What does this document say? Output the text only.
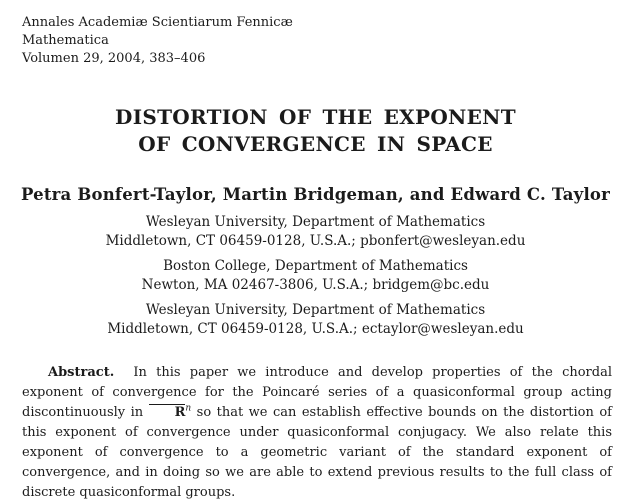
Annales Academiæ Scientiarum Fennicæ
Mathematica
Volumen 29, 2004, 383–406
DISTORTION OF THE EXPONENT
OF CONVERGENCE IN SPACE
Petra Bonfert-Taylor, Martin Bridgeman, and Edward C. Taylor
Wesleyan University, Department of Mathematics
Middletown, CT 06459-0128, U.S.A.; pbonfert@wesleyan.edu
Boston College, Department of Mathematics
Newton, MA 02467-3806, U.S.A.; bridgem@bc.edu
Wesleyan University, Department of Mathematics
Middletown, CT 06459-0128, U.S.A.; ectaylor@wesleyan.edu

Abstract. In this paper we introduce and develop properties of the chordal exponent of convergence for the Poincaré series of a quasiconformal group acting discontinuously in $R^n$ so that we can establish effective bounds on the distortion of this exponent of convergence under quasiconformal conjugacy. We also relate this exponent of convergence to a geometric variant of the standard exponent of convergence, and in doing so we are able to extend previous results to the full class of discrete quasiconformal groups.
